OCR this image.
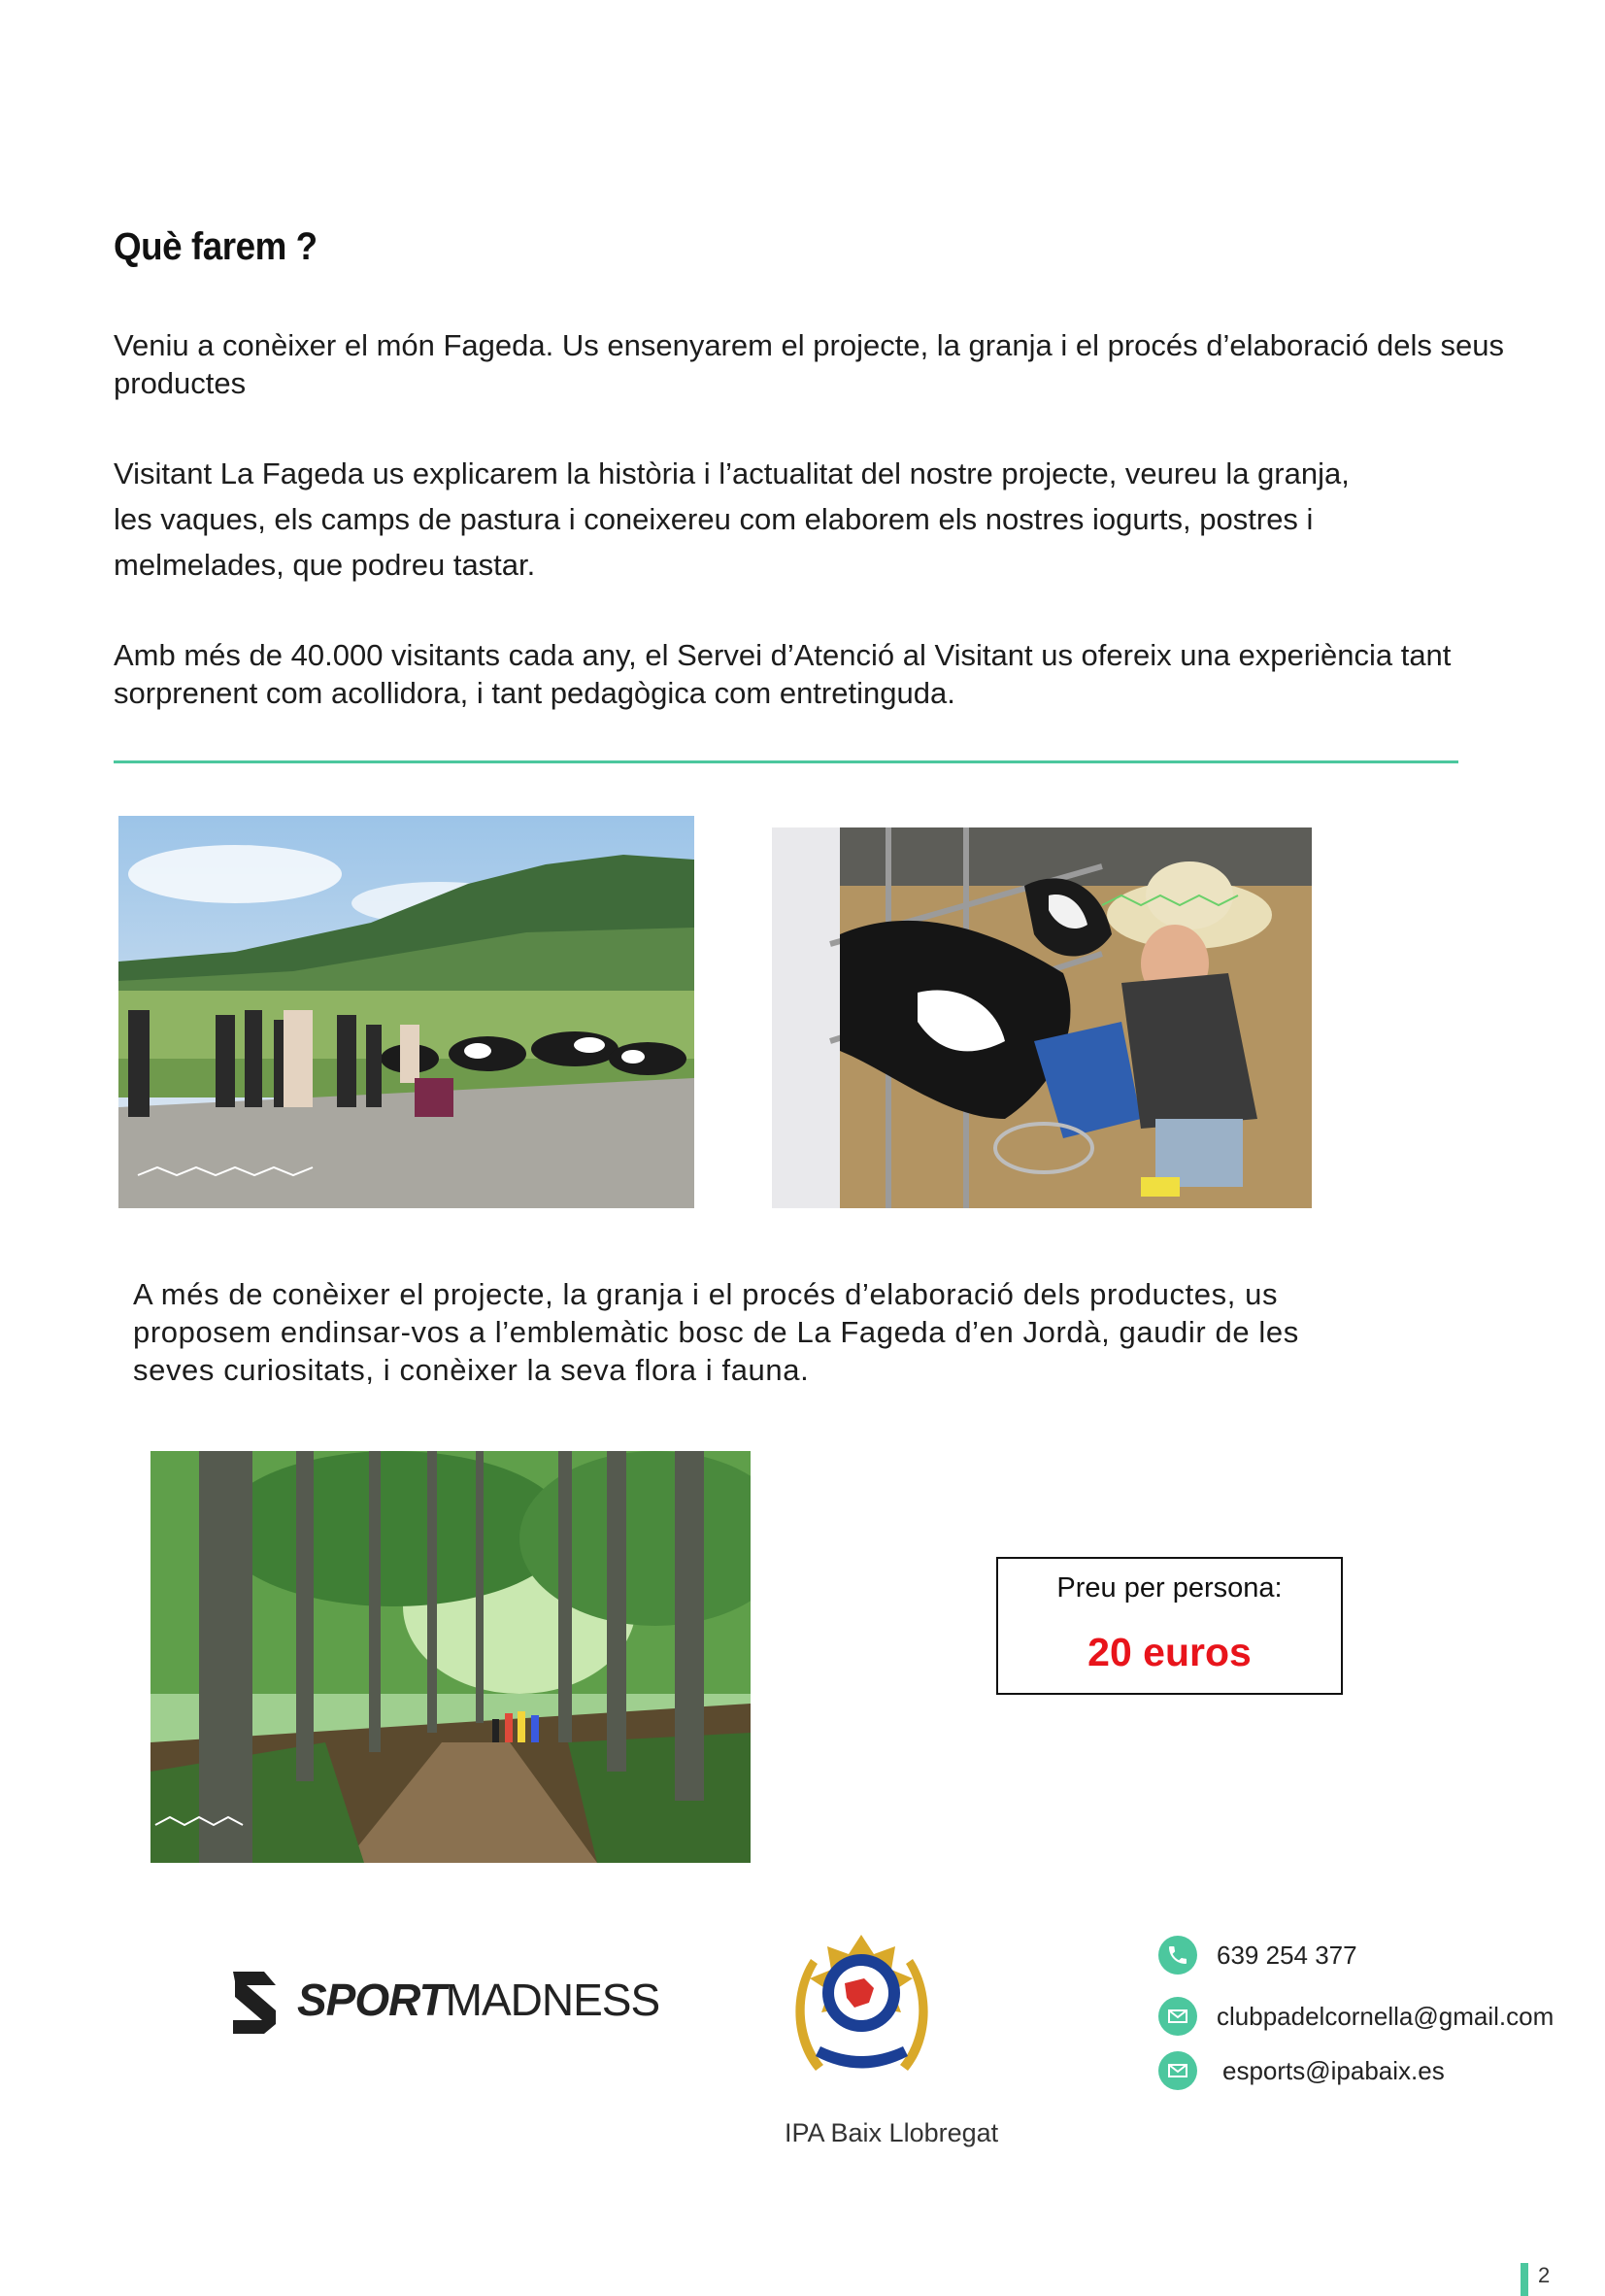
Què farem ?
Veniu a conèixer el món Fageda. Us ensenyarem el projecte, la granja i el procés d’elaboració dels seus productes
Visitant La Fageda us explicarem la història i l’actualitat del nostre projecte, veureu la granja,
les vaques, els camps de pastura i coneixereu com elaborem els nostres iogurts, postres i
melmelades, que podreu tastar.
Amb més de 40.000 visitants cada any, el Servei d’Atenció al Visitant us ofereix una experiència tant sorprenent com acollidora, i tant pedagògica com entretinguda.
A més de conèixer el projecte, la granja i el procés d’elaboració dels productes, us
proposem endinsar-vos a l’emblemàtic bosc de La Fageda d’en Jordà, gaudir de les
seves curiositats, i conèixer la seva flora i fauna.
Preu per persona:
20 euros
SPORTMADNESS
IPA Baix Llobregat
639 254 377
clubpadelcornella@gmail.com
esports@ipabaix.es
2
